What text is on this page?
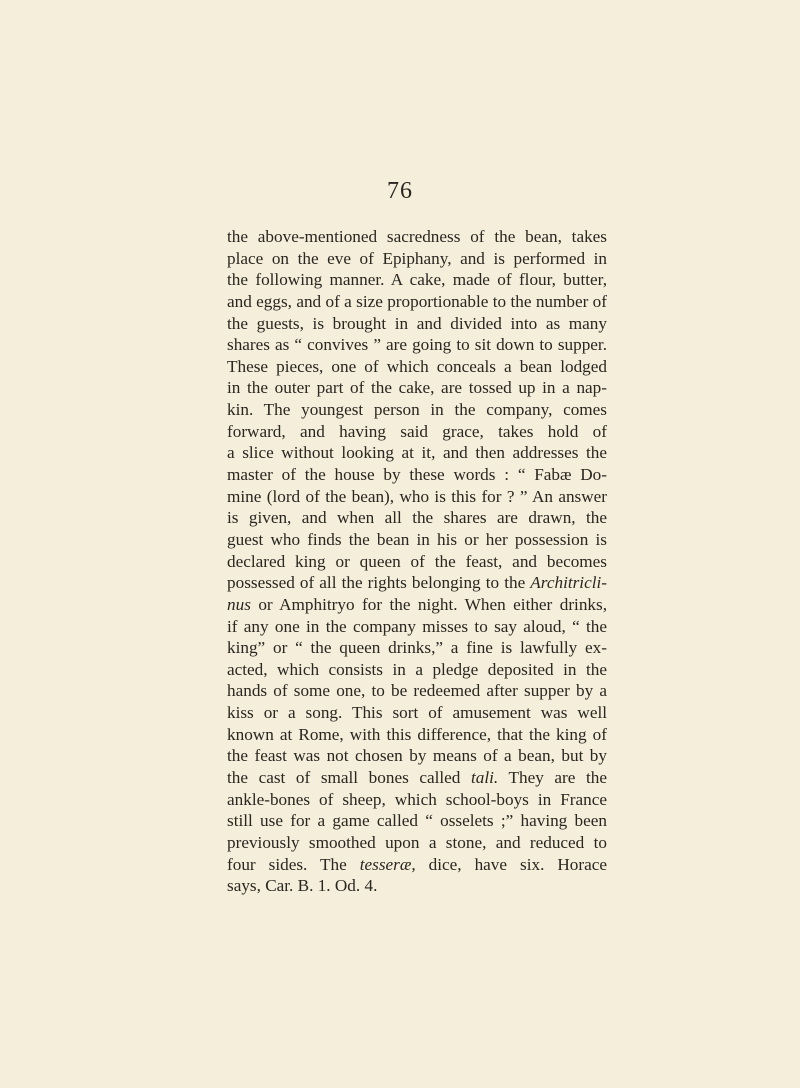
76
the above-mentioned sacredness of the bean, takes
place on the eve of Epiphany, and is performed in
the following manner. A cake, made of flour, butter,
and eggs, and of a size proportionable to the number of
the guests, is brought in and divided into as many
shares as “ convives ” are going to sit down to supper.
These pieces, one of which conceals a bean lodged
in the outer part of the cake, are tossed up in a nap-
kin. The youngest person in the company, comes
forward, and having said grace, takes hold of
a slice without looking at it, and then addresses the
master of the house by these words : “ Fabæ Do-
mine (lord of the bean), who is this for ? ” An answer
is given, and when all the shares are drawn, the
guest who finds the bean in his or her possession is
declared king or queen of the feast, and becomes
possessed of all the rights belonging to the Architricli-
nus or Amphitryo for the night. When either drinks,
if any one in the company misses to say aloud, “ the
king” or “ the queen drinks,” a fine is lawfully ex-
acted, which consists in a pledge deposited in the
hands of some one, to be redeemed after supper by a
kiss or a song. This sort of amusement was well
known at Rome, with this difference, that the king of
the feast was not chosen by means of a bean, but by
the cast of small bones called tali. They are the
ankle-bones of sheep, which school-boys in France
still use for a game called “ osselets ;” having been
previously smoothed upon a stone, and reduced to
four sides. The tesseræ, dice, have six. Horace
says, Car. B. 1. Od. 4.
